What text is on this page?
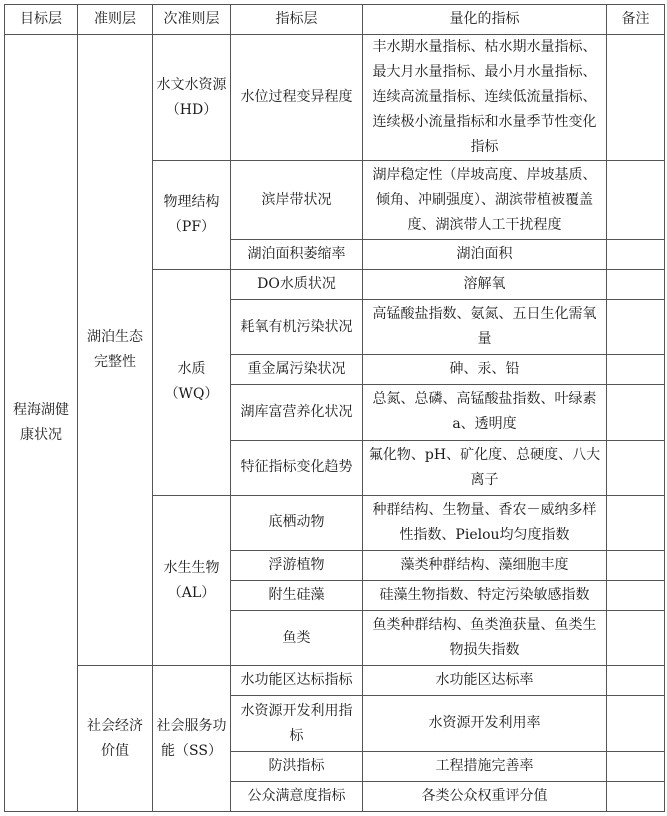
目标层	准则层	次准则层	指标层	量化的指标	备注
程海湖健康状况	湖泊生态完整性	水文水资源（HD）	水位过程变异程度	丰水期水量指标、枯水期水量指标、最大月水量指标、最小月水量指标、连续高流量指标、连续低流量指标、连续极小流量指标和水量季节性变化指标	
		物理结构（PF）	滨岸带状况	湖岸稳定性（岸坡高度、岸坡基质、倾角、冲刷强度）、湖滨带植被覆盖度、湖滨带人工干扰程度	
			湖泊面积萎缩率	湖泊面积	
		水质（WQ）	DO水质状况	溶解氧	
			耗氧有机污染状况	高锰酸盐指数、氨氮、五日生化需氧量	
			重金属污染状况	砷、汞、铅	
			湖库富营养化状况	总氮、总磷、高锰酸盐指数、叶绿素a、透明度	
			特征指标变化趋势	氟化物、pH、矿化度、总硬度、八大离子	
		水生生物（AL）	底栖动物	种群结构、生物量、香农－威纳多样性指数、Pielou均匀度指数	
			浮游植物	藻类种群结构、藻细胞丰度	
			附生硅藻	硅藻生物指数、特定污染敏感指数	
			鱼类	鱼类种群结构、鱼类渔获量、鱼类生物损失指数	
	社会经济价值	社会服务功能（SS）	水功能区达标指标	水功能区达标率	
			水资源开发利用指标	水资源开发利用率	
			防洪指标	工程措施完善率	
			公众满意度指标	各类公众权重评分值	
